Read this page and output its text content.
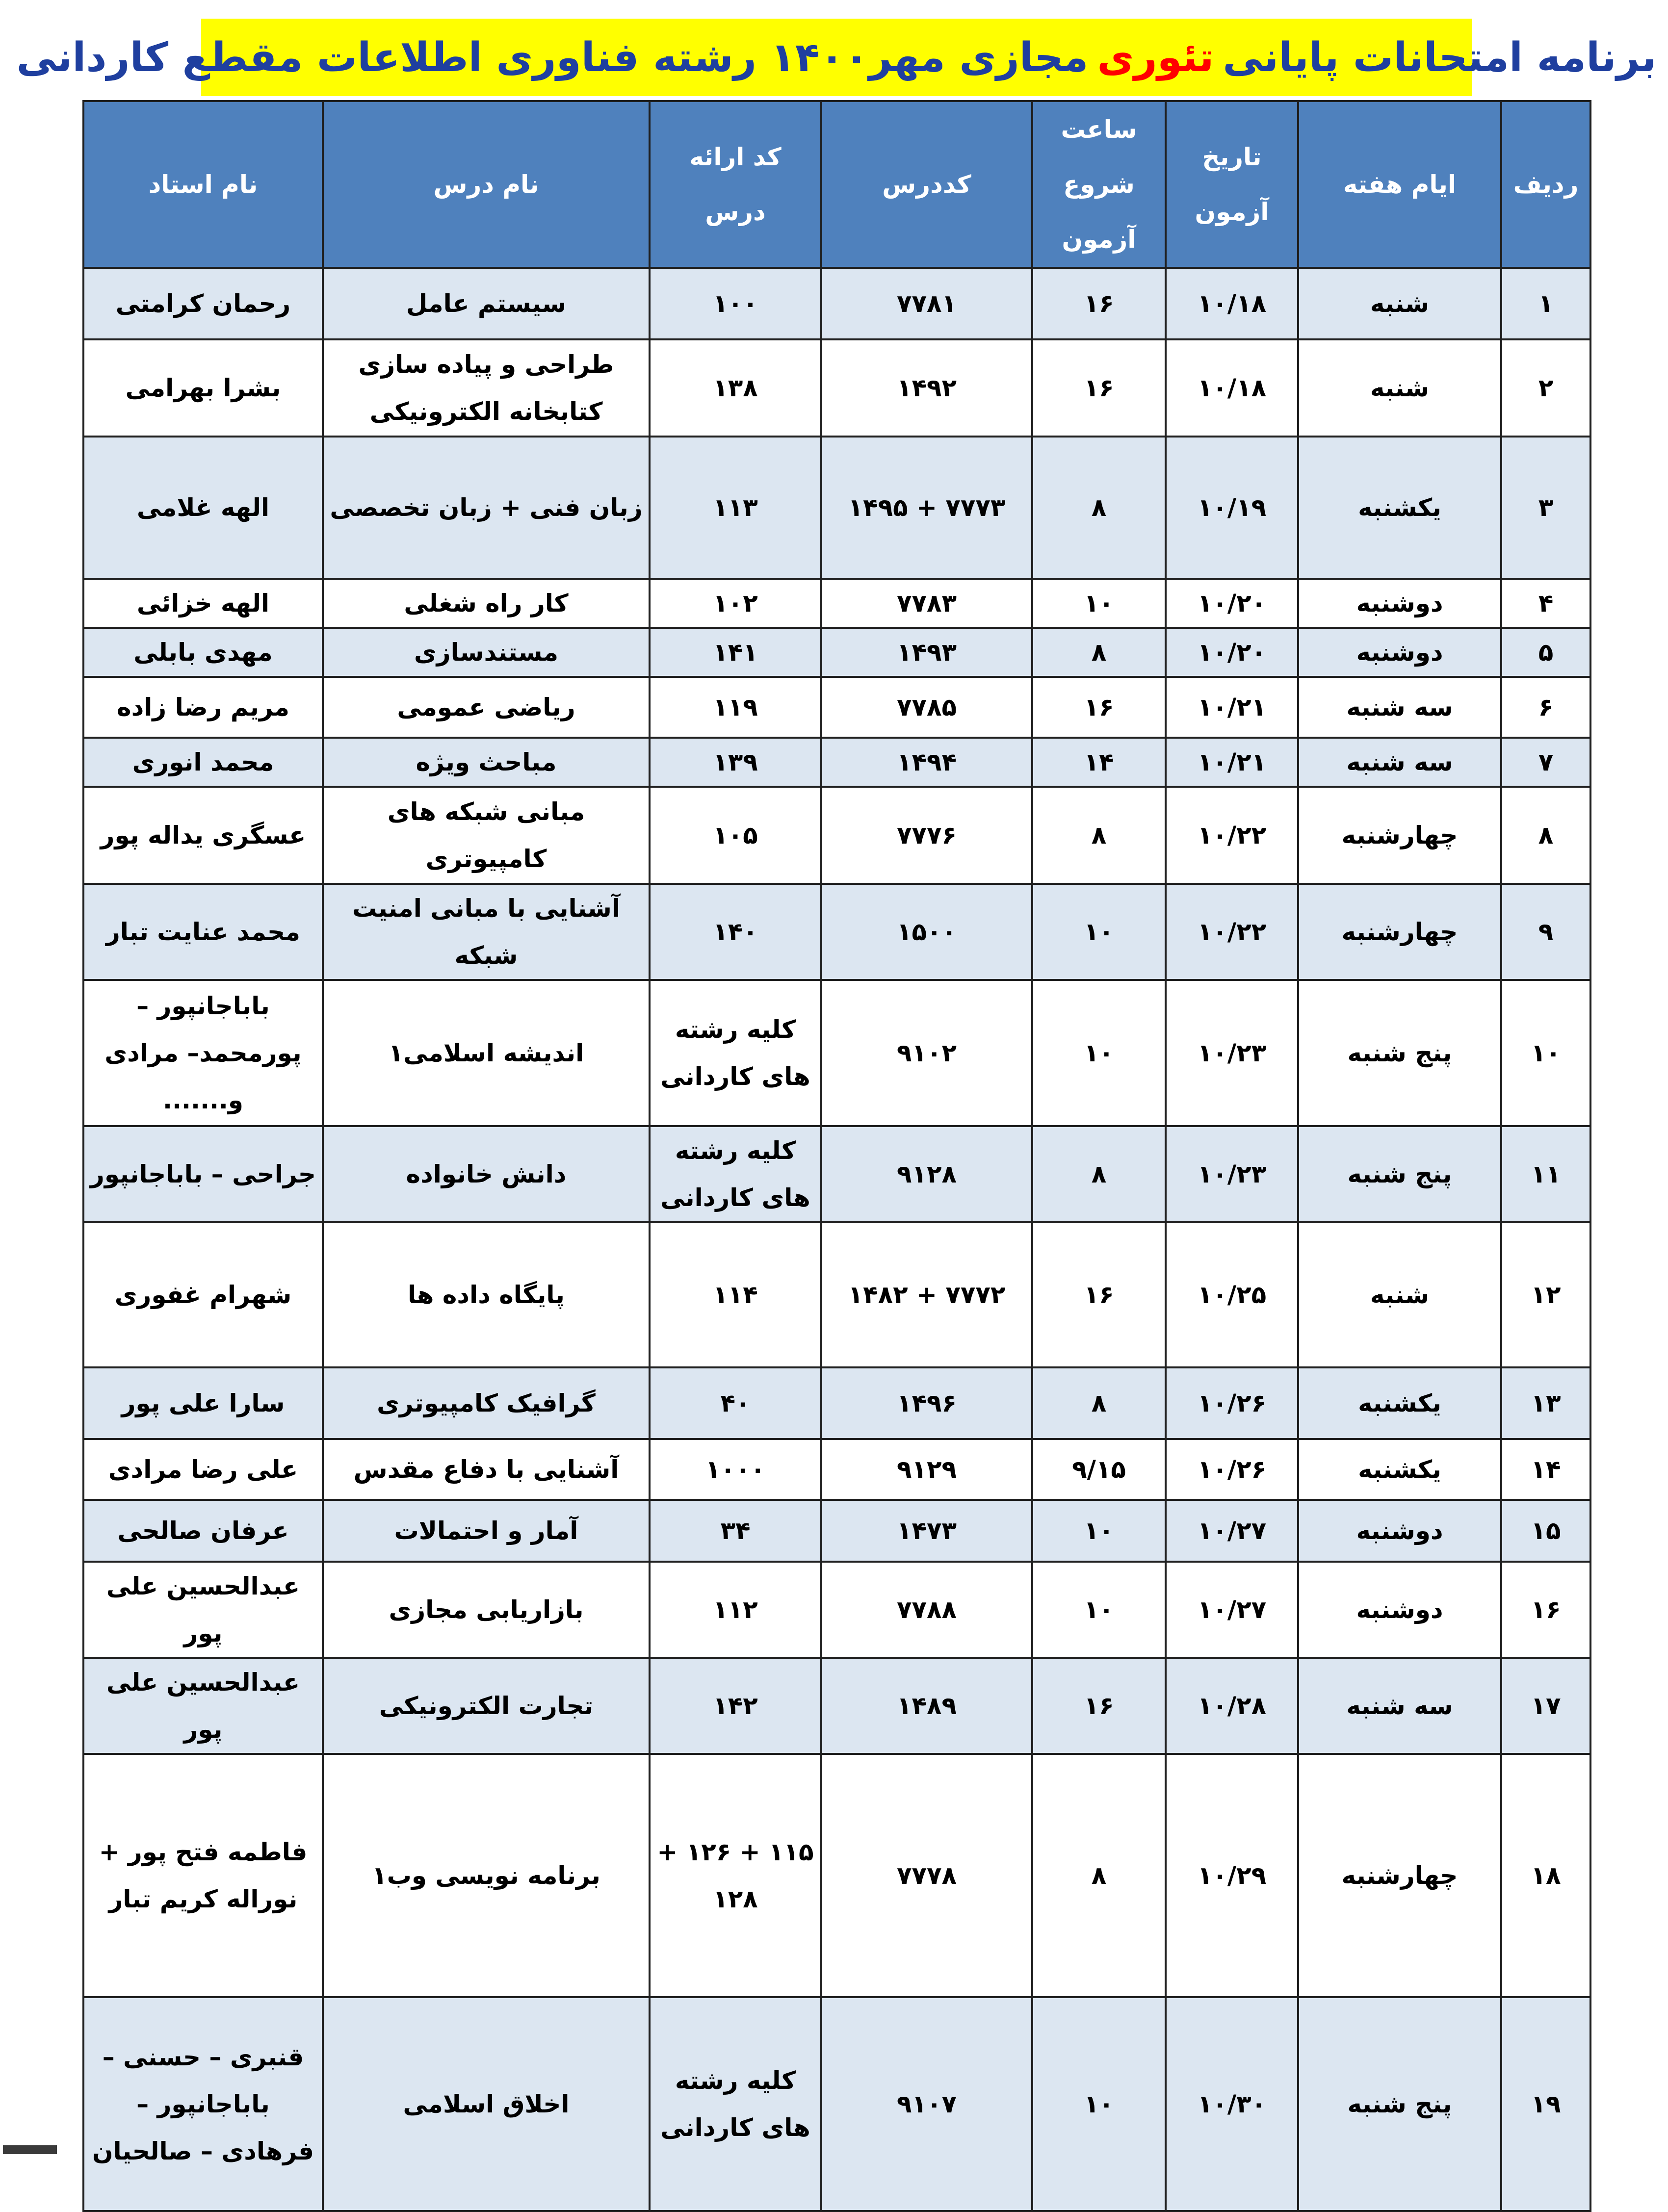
برنامه امتحانات پایانی
تئوری
مجازی مهر۱۴۰۰ رشته فناوری اطلاعات مقطع کاردانی
ردیف	ایام هفته	تاریخ آزمون	ساعت شروع آزمون	کددرس	کد ارائه درس	نام درس	نام استاد
۱	شنبه	۱۰/۱۸	۱۶	۷۷۸۱	۱۰۰	سیستم عامل	رحمان کرامتی
۲	شنبه	۱۰/۱۸	۱۶	۱۴۹۲	۱۳۸	طراحی و پیاده سازی کتابخانه الکترونیکی	بشرا بهرامی
۳	یکشنبه	۱۰/۱۹	۸	۷۷۷۳ + ۱۴۹۵	۱۱۳	زبان فنی + زبان تخصصی	الهه غلامی
۴	دوشنبه	۱۰/۲۰	۱۰	۷۷۸۳	۱۰۲	کار راه شغلی	الهه خزائی
۵	دوشنبه	۱۰/۲۰	۸	۱۴۹۳	۱۴۱	مستندسازی	مهدی بابلی
۶	سه شنبه	۱۰/۲۱	۱۶	۷۷۸۵	۱۱۹	ریاضی عمومی	مریم رضا زاده
۷	سه شنبه	۱۰/۲۱	۱۴	۱۴۹۴	۱۳۹	مباحث ویژه	محمد انوری
۸	چهارشنبه	۱۰/۲۲	۸	۷۷۷۶	۱۰۵	مبانی شبکه های کامپیوتری	عسگری یداله پور
۹	چهارشنبه	۱۰/۲۲	۱۰	۱۵۰۰	۱۴۰	آشنایی با مبانی امنیت شبکه	محمد عنایت تبار
۱۰	پنج شنبه	۱۰/۲۳	۱۰	۹۱۰۲	کلیه رشته های کاردانی	اندیشه اسلامی۱	باباجانپور – پورمحمد– مرادی و.......
۱۱	پنج شنبه	۱۰/۲۳	۸	۹۱۲۸	کلیه رشته های کاردانی	دانش خانواده	جراحی – باباجانپور
۱۲	شنبه	۱۰/۲۵	۱۶	۷۷۷۲ + ۱۴۸۲	۱۱۴	پایگاه داده ها	شهرام غفوری
۱۳	یکشنبه	۱۰/۲۶	۸	۱۴۹۶	۴۰	گرافیک کامپیوتری	سارا علی پور
۱۴	یکشنبه	۱۰/۲۶	۹/۱۵	۹۱۲۹	۱۰۰۰	آشنایی با دفاع مقدس	علی رضا مرادی
۱۵	دوشنبه	۱۰/۲۷	۱۰	۱۴۷۳	۳۴	آمار و احتمالات	عرفان صالحی
۱۶	دوشنبه	۱۰/۲۷	۱۰	۷۷۸۸	۱۱۲	بازاریابی مجازی	عبدالحسین علی پور
۱۷	سه شنبه	۱۰/۲۸	۱۶	۱۴۸۹	۱۴۲	تجارت الکترونیکی	عبدالحسین علی پور
۱۸	چهارشنبه	۱۰/۲۹	۸	۷۷۷۸	۱۱۵ + ۱۲۶ + ۱۲۸	برنامه نویسی وب۱	فاطمه فتح پور + نوراله کریم تبار
۱۹	پنج شنبه	۱۰/۳۰	۱۰	۹۱۰۷	کلیه رشته های کاردانی	اخلاق اسلامی	قنبری – حسنی – باباجانپور – فرهادی – صالحیان
